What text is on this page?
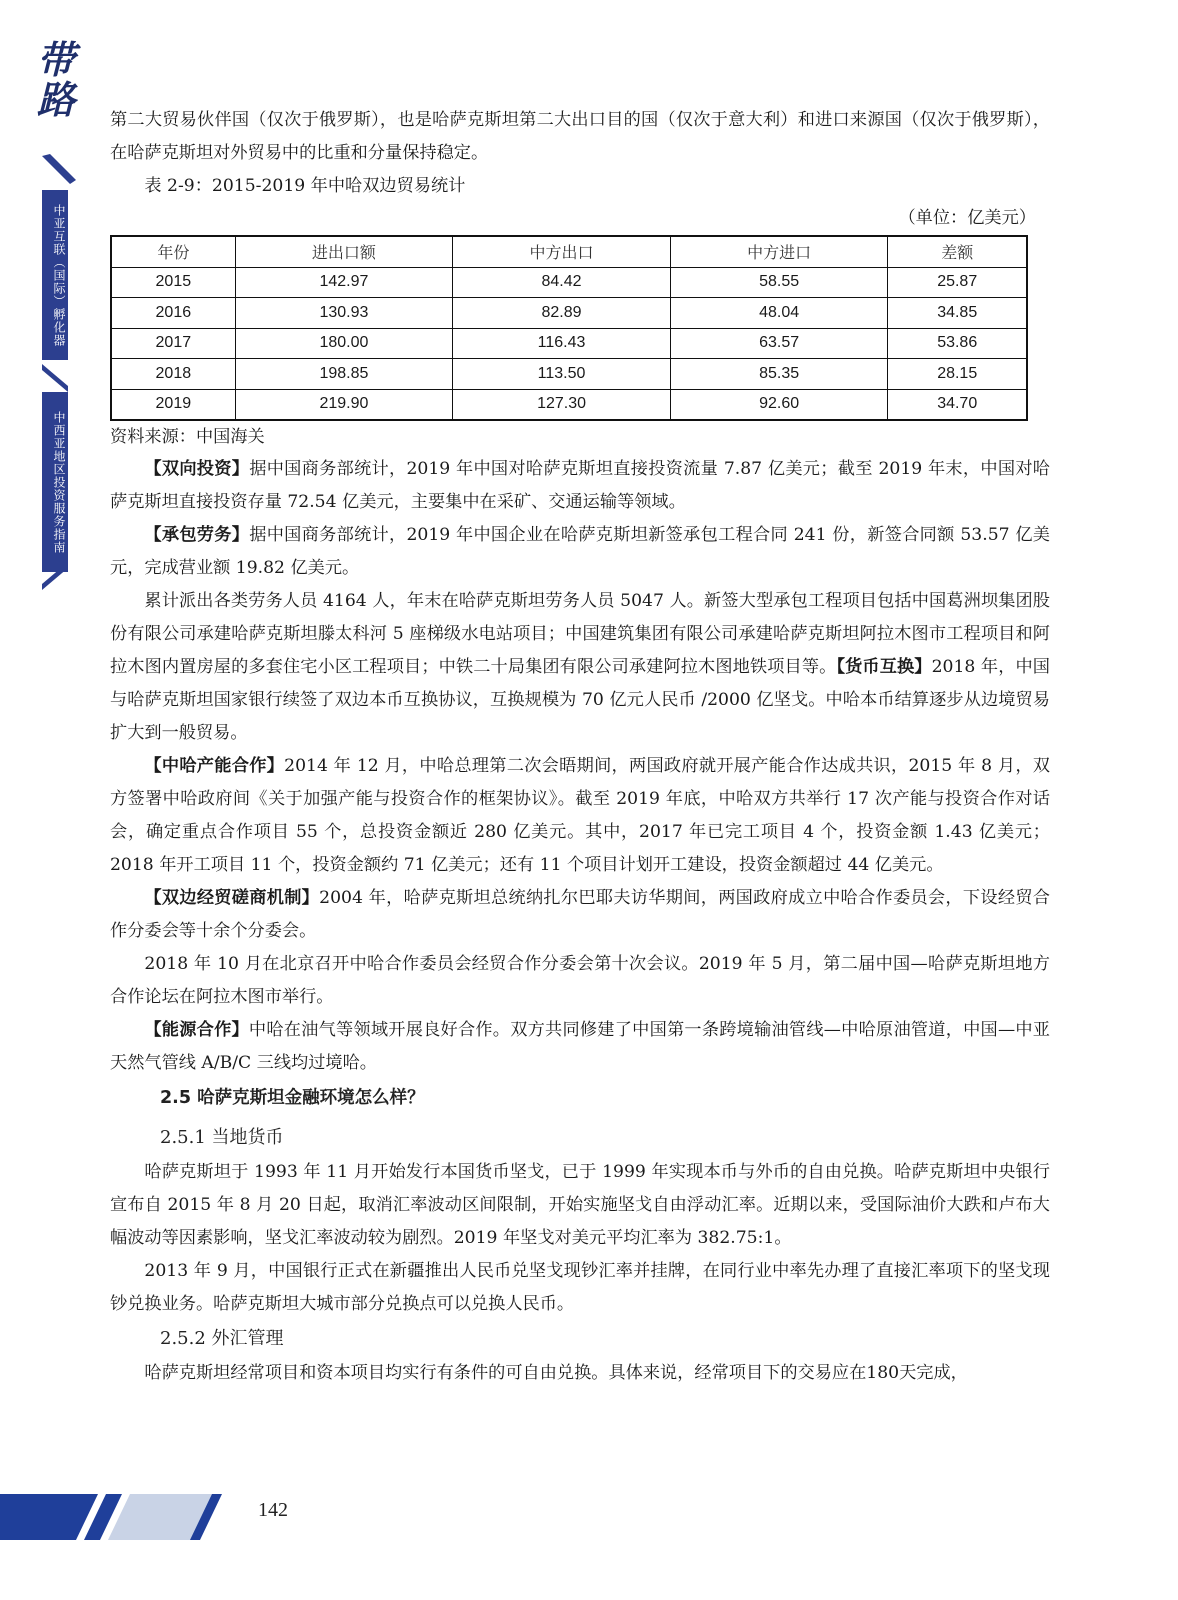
带
路
中亚互联（国际）孵化器
中西亚地区投资服务指南

第二大贸易伙伴国（仅次于俄罗斯），也是哈萨克斯坦第二大出口目的国（仅次于意大利）和进口来源国（仅次于俄罗斯），在哈萨克斯坦对外贸易中的比重和分量保持稳定。

表 2-9：2015-2019 年中哈双边贸易统计

（单位：亿美元）

年份	进出口额	中方出口	中方进口	差额
2015	142.97	84.42	58.55	25.87
2016	130.93	82.89	48.04	34.85
2017	180.00	116.43	63.57	53.86
2018	198.85	113.50	85.35	28.15
2019	219.90	127.30	92.60	34.70

资料来源：中国海关

【双向投资】据中国商务部统计，2019 年中国对哈萨克斯坦直接投资流量 7.87 亿美元；截至 2019 年末，中国对哈萨克斯坦直接投资存量 72.54 亿美元，主要集中在采矿、交通运输等领域。

【承包劳务】据中国商务部统计，2019 年中国企业在哈萨克斯坦新签承包工程合同 241 份，新签合同额 53.57 亿美元，完成营业额 19.82 亿美元。

累计派出各类劳务人员 4164 人，年末在哈萨克斯坦劳务人员 5047 人。新签大型承包工程项目包括中国葛洲坝集团股份有限公司承建哈萨克斯坦滕太科河 5 座梯级水电站项目；中国建筑集团有限公司承建哈萨克斯坦阿拉木图市工程项目和阿拉木图内置房屋的多套住宅小区工程项目；中铁二十局集团有限公司承建阿拉木图地铁项目等。【货币互换】2018 年，中国与哈萨克斯坦国家银行续签了双边本币互换协议，互换规模为 70 亿元人民币 /2000 亿坚戈。中哈本币结算逐步从边境贸易扩大到一般贸易。

【中哈产能合作】2014 年 12 月，中哈总理第二次会晤期间，两国政府就开展产能合作达成共识，2015 年 8 月，双方签署中哈政府间《关于加强产能与投资合作的框架协议》。截至 2019 年底，中哈双方共举行 17 次产能与投资合作对话会，确定重点合作项目 55 个，总投资金额近 280 亿美元。其中，2017 年已完工项目 4 个，投资金额 1.43 亿美元；2018 年开工项目 11 个，投资金额约 71 亿美元；还有 11 个项目计划开工建设，投资金额超过 44 亿美元。

【双边经贸磋商机制】2004 年，哈萨克斯坦总统纳扎尔巴耶夫访华期间，两国政府成立中哈合作委员会，下设经贸合作分委会等十余个分委会。

2018 年 10 月在北京召开中哈合作委员会经贸合作分委会第十次会议。2019 年 5 月，第二届中国—哈萨克斯坦地方合作论坛在阿拉木图市举行。

【能源合作】中哈在油气等领域开展良好合作。双方共同修建了中国第一条跨境输油管线—中哈原油管道，中国—中亚天然气管线 A/B/C 三线均过境哈。

2.5 哈萨克斯坦金融环境怎么样？

2.5.1 当地货币

哈萨克斯坦于 1993 年 11 月开始发行本国货币坚戈，已于 1999 年实现本币与外币的自由兑换。哈萨克斯坦中央银行宣布自 2015 年 8 月 20 日起，取消汇率波动区间限制，开始实施坚戈自由浮动汇率。近期以来，受国际油价大跌和卢布大幅波动等因素影响，坚戈汇率波动较为剧烈。2019 年坚戈对美元平均汇率为 382.75:1。

2013 年 9 月，中国银行正式在新疆推出人民币兑坚戈现钞汇率并挂牌，在同行业中率先办理了直接汇率项下的坚戈现钞兑换业务。哈萨克斯坦大城市部分兑换点可以兑换人民币。

2.5.2 外汇管理

哈萨克斯坦经常项目和资本项目均实行有条件的可自由兑换。具体来说，经常项目下的交易应在180天完成，

142
